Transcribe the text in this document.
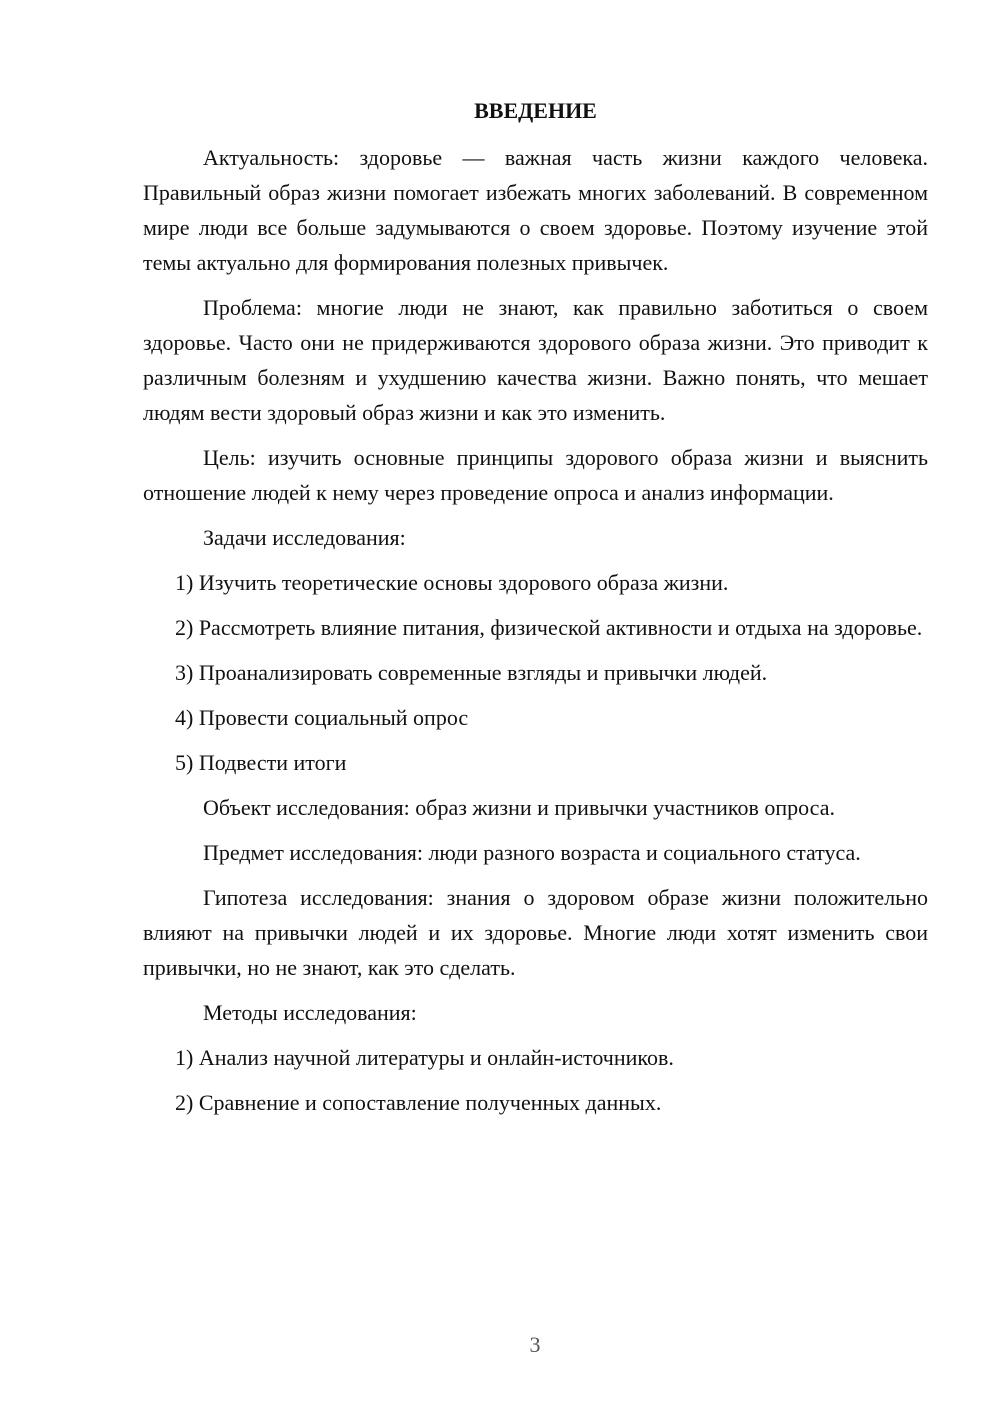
ВВЕДЕНИЕ

Актуальность: здоровье — важная часть жизни каждого человека. Правильный образ жизни помогает избежать многих заболеваний. В современном мире люди все больше задумываются о своем здоровье. Поэтому изучение этой темы актуально для формирования полезных привычек.

Проблема: многие люди не знают, как правильно заботиться о своем здоровье. Часто они не придерживаются здорового образа жизни. Это приводит к различным болезням и ухудшению качества жизни. Важно понять, что мешает людям вести здоровый образ жизни и как это изменить.

Цель: изучить основные принципы здорового образа жизни и выяснить отношение людей к нему через проведение опроса и анализ информации.

Задачи исследования:

1) Изучить теоретические основы здорового образа жизни.

2) Рассмотреть влияние питания, физической активности и отдыха на здоровье.

3) Проанализировать современные взгляды и привычки людей.

4) Провести социальный опрос

5) Подвести итоги

Объект исследования: образ жизни и привычки участников опроса.

Предмет исследования: люди разного возраста и социального статуса.

Гипотеза исследования: знания о здоровом образе жизни положительно влияют на привычки людей и их здоровье. Многие люди хотят изменить свои привычки, но не знают, как это сделать.

Методы исследования:

1) Анализ научной литературы и онлайн-источников.

2) Сравнение и сопоставление полученных данных.

3
